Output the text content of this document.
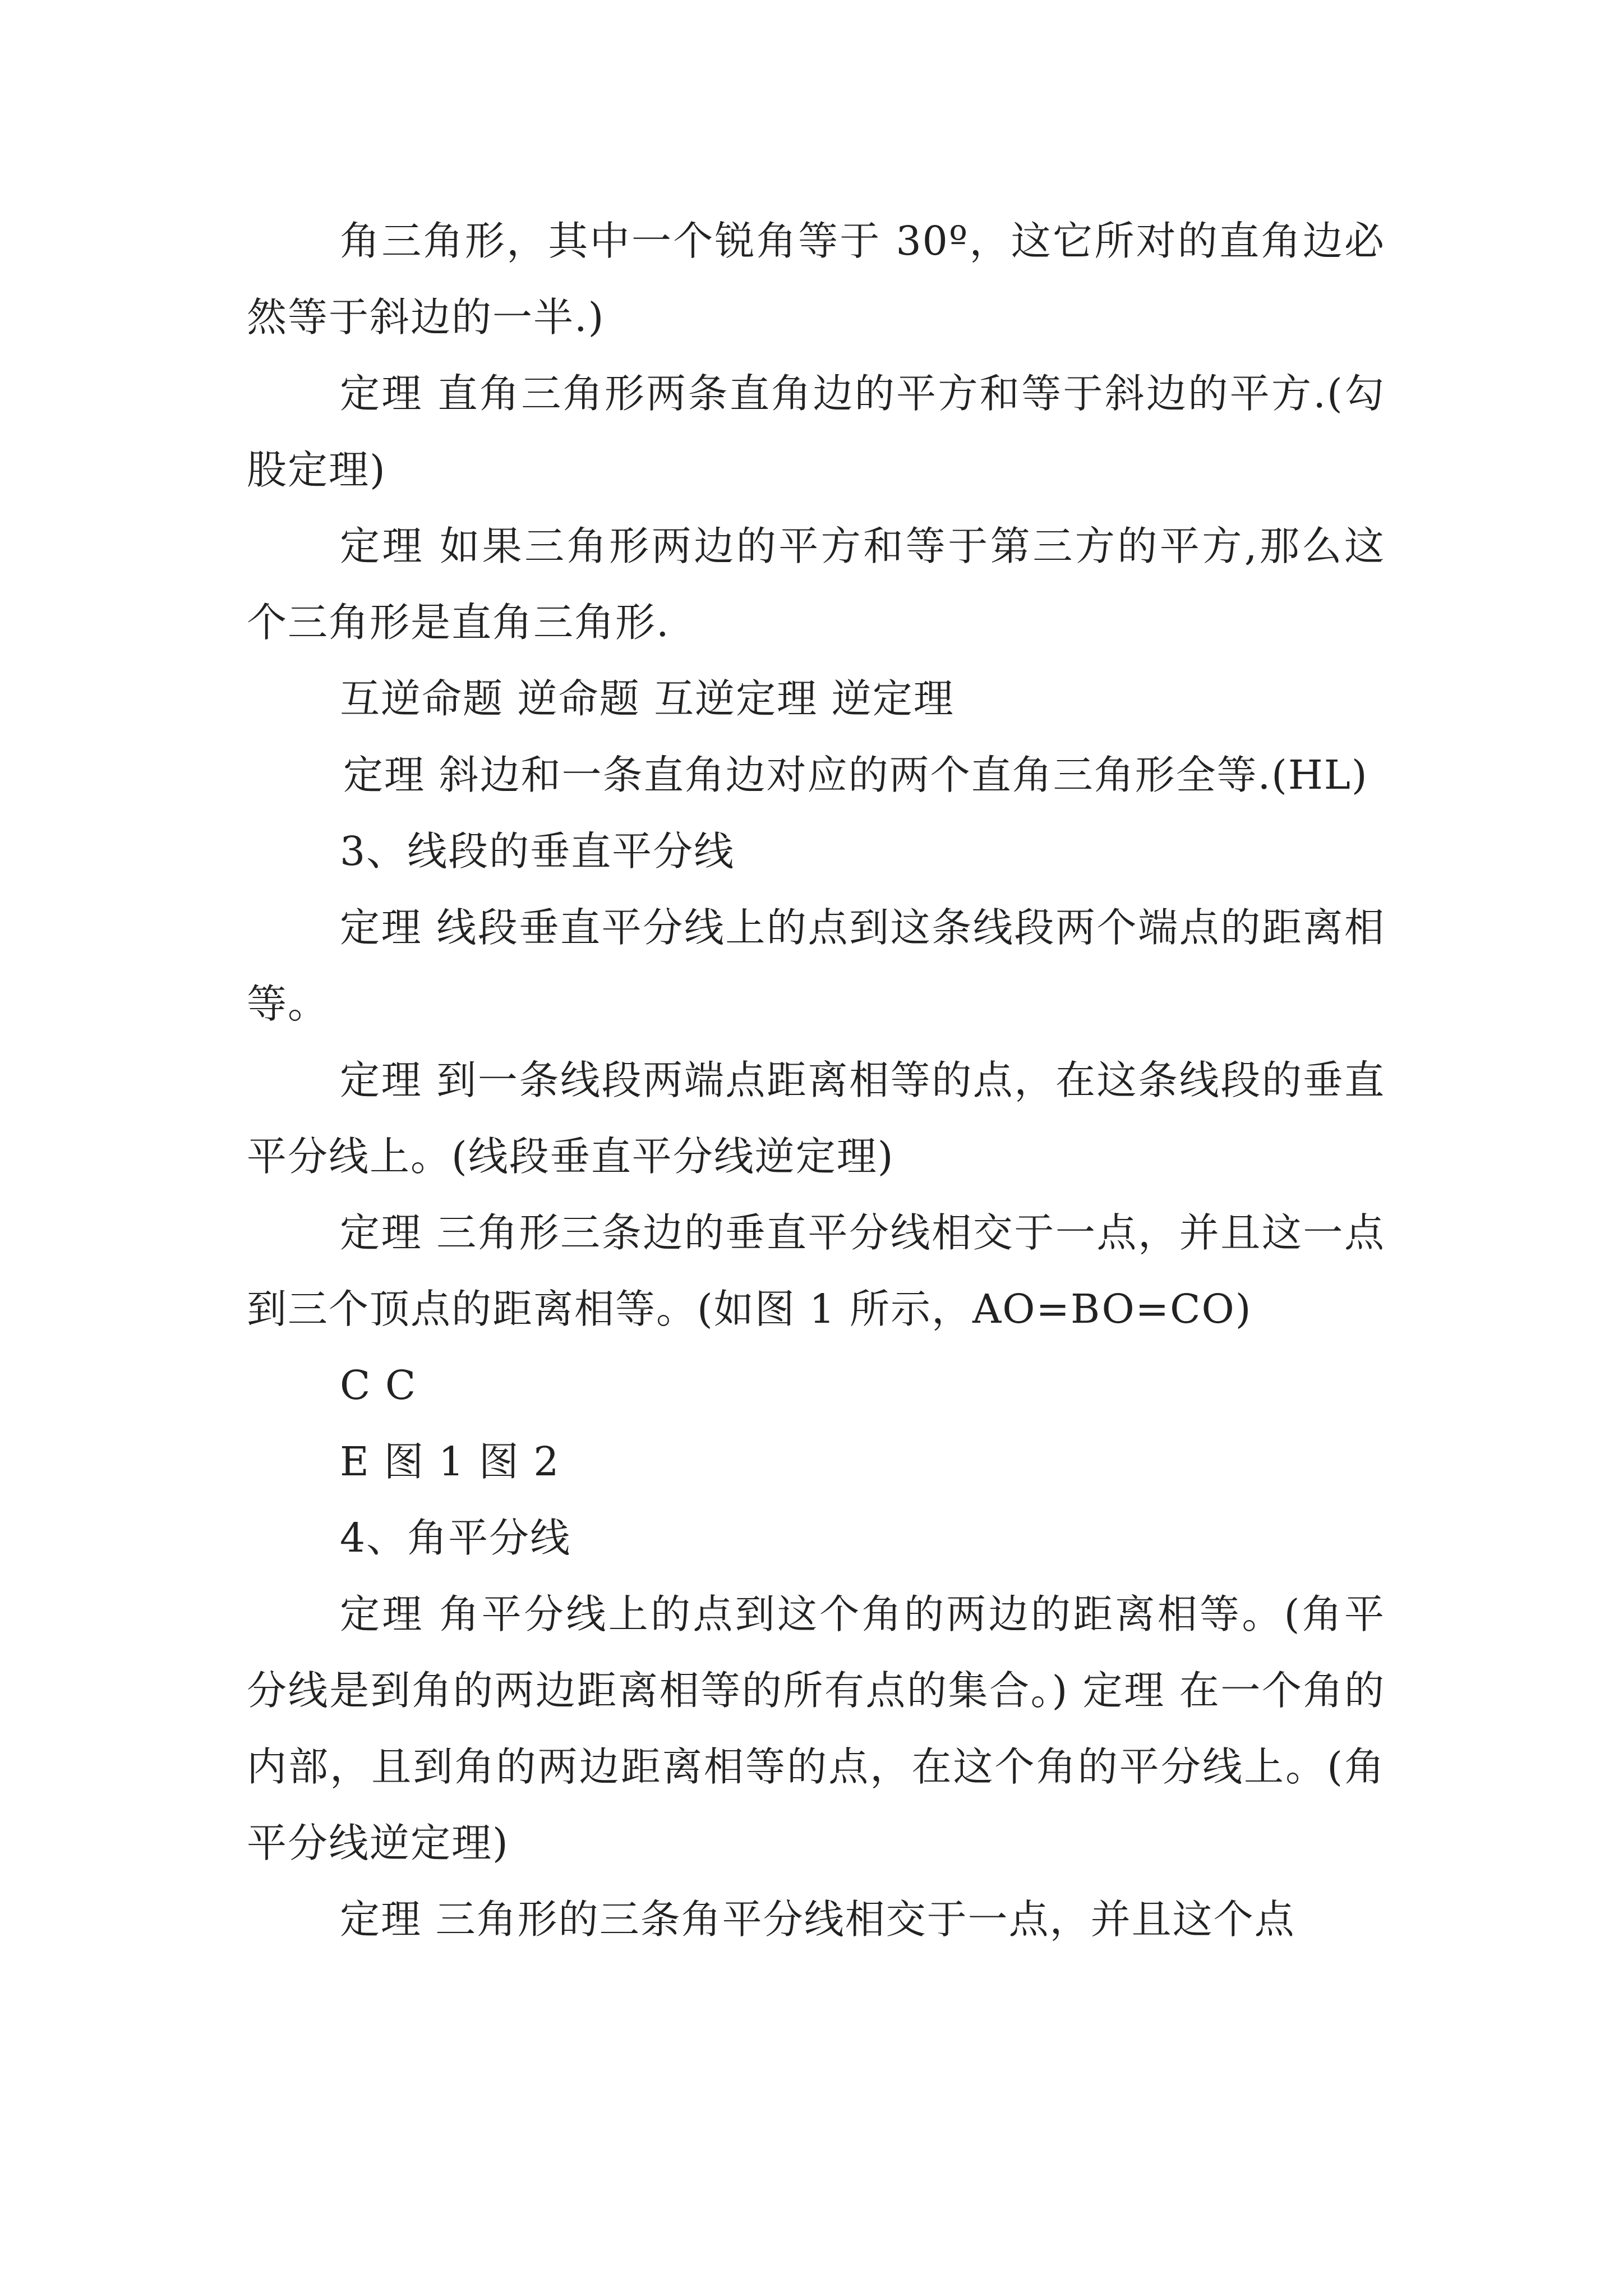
角三角形，其中一个锐角等于 30º，这它所对的直角边必然等于斜边的一半.)

定理 直角三角形两条直角边的平方和等于斜边的平方.(勾股定理)

定理 如果三角形两边的平方和等于第三方的平方,那么这个三角形是直角三角形.

互逆命题 逆命题 互逆定理 逆定理

定理 斜边和一条直角边对应的两个直角三角形全等.(HL)

3、线段的垂直平分线

定理 线段垂直平分线上的点到这条线段两个端点的距离相等。

定理 到一条线段两端点距离相等的点，在这条线段的垂直平分线上。(线段垂直平分线逆定理)

定理 三角形三条边的垂直平分线相交于一点，并且这一点到三个顶点的距离相等。(如图 1 所示，AO=BO=CO)

C C

E 图 1 图 2

4、角平分线

定理 角平分线上的点到这个角的两边的距离相等。(角平分线是到角的两边距离相等的所有点的集合。) 定理 在一个角的内部，且到角的两边距离相等的点，在这个角的平分线上。(角平分线逆定理)

定理 三角形的三条角平分线相交于一点，并且这个点
